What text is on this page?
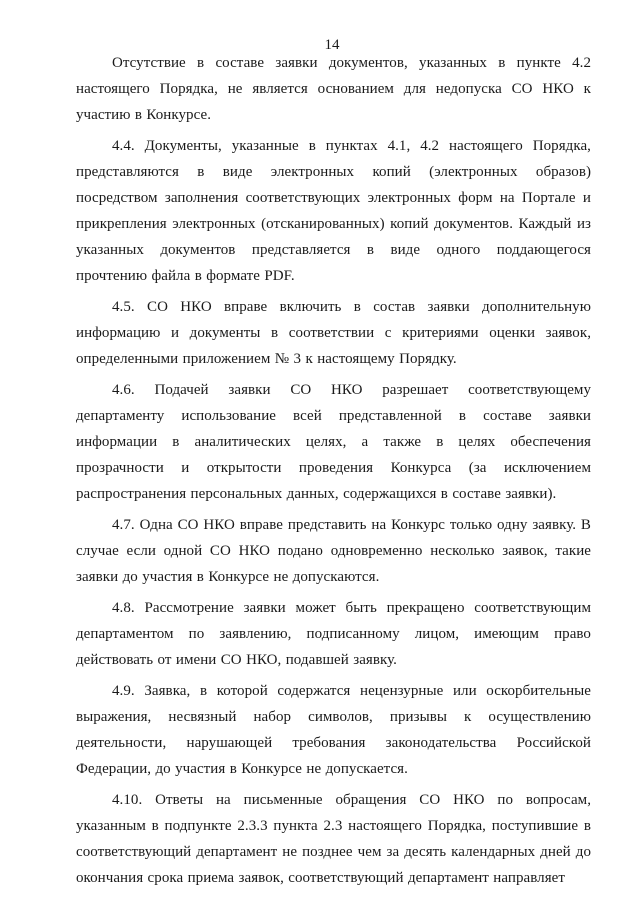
14

Отсутствие в составе заявки документов, указанных в пункте 4.2 настоящего Порядка, не является основанием для недопуска СО НКО к участию в Конкурсе.

4.4. Документы, указанные в пунктах 4.1, 4.2 настоящего Порядка, представляются в виде электронных копий (электронных образов) посредством заполнения соответствующих электронных форм на Портале и прикрепления электронных (отсканированных) копий документов. Каждый из указанных документов представляется в виде одного поддающегося прочтению файла в формате PDF.

4.5. СО НКО вправе включить в состав заявки дополнительную информацию и документы в соответствии с критериями оценки заявок, определенными приложением № 3 к настоящему Порядку.

4.6. Подачей заявки СО НКО разрешает соответствующему департаменту использование всей представленной в составе заявки информации в аналитических целях, а также в целях обеспечения прозрачности и открытости проведения Конкурса (за исключением распространения персональных данных, содержащихся в составе заявки).

4.7. Одна СО НКО вправе представить на Конкурс только одну заявку. В случае если одной СО НКО подано одновременно несколько заявок, такие заявки до участия в Конкурсе не допускаются.

4.8. Рассмотрение заявки может быть прекращено соответствующим департаментом по заявлению, подписанному лицом, имеющим право действовать от имени СО НКО, подавшей заявку.

4.9. Заявка, в которой содержатся нецензурные или оскорбительные выражения, несвязный набор символов, призывы к осуществлению деятельности, нарушающей требования законодательства Российской Федерации, до участия в Конкурсе не допускается.

4.10. Ответы на письменные обращения СО НКО по вопросам, указанным в подпункте 2.3.3 пункта 2.3 настоящего Порядка, поступившие в соответствующий департамент не позднее чем за десять календарных дней до окончания срока приема заявок, соответствующий департамент направляет
